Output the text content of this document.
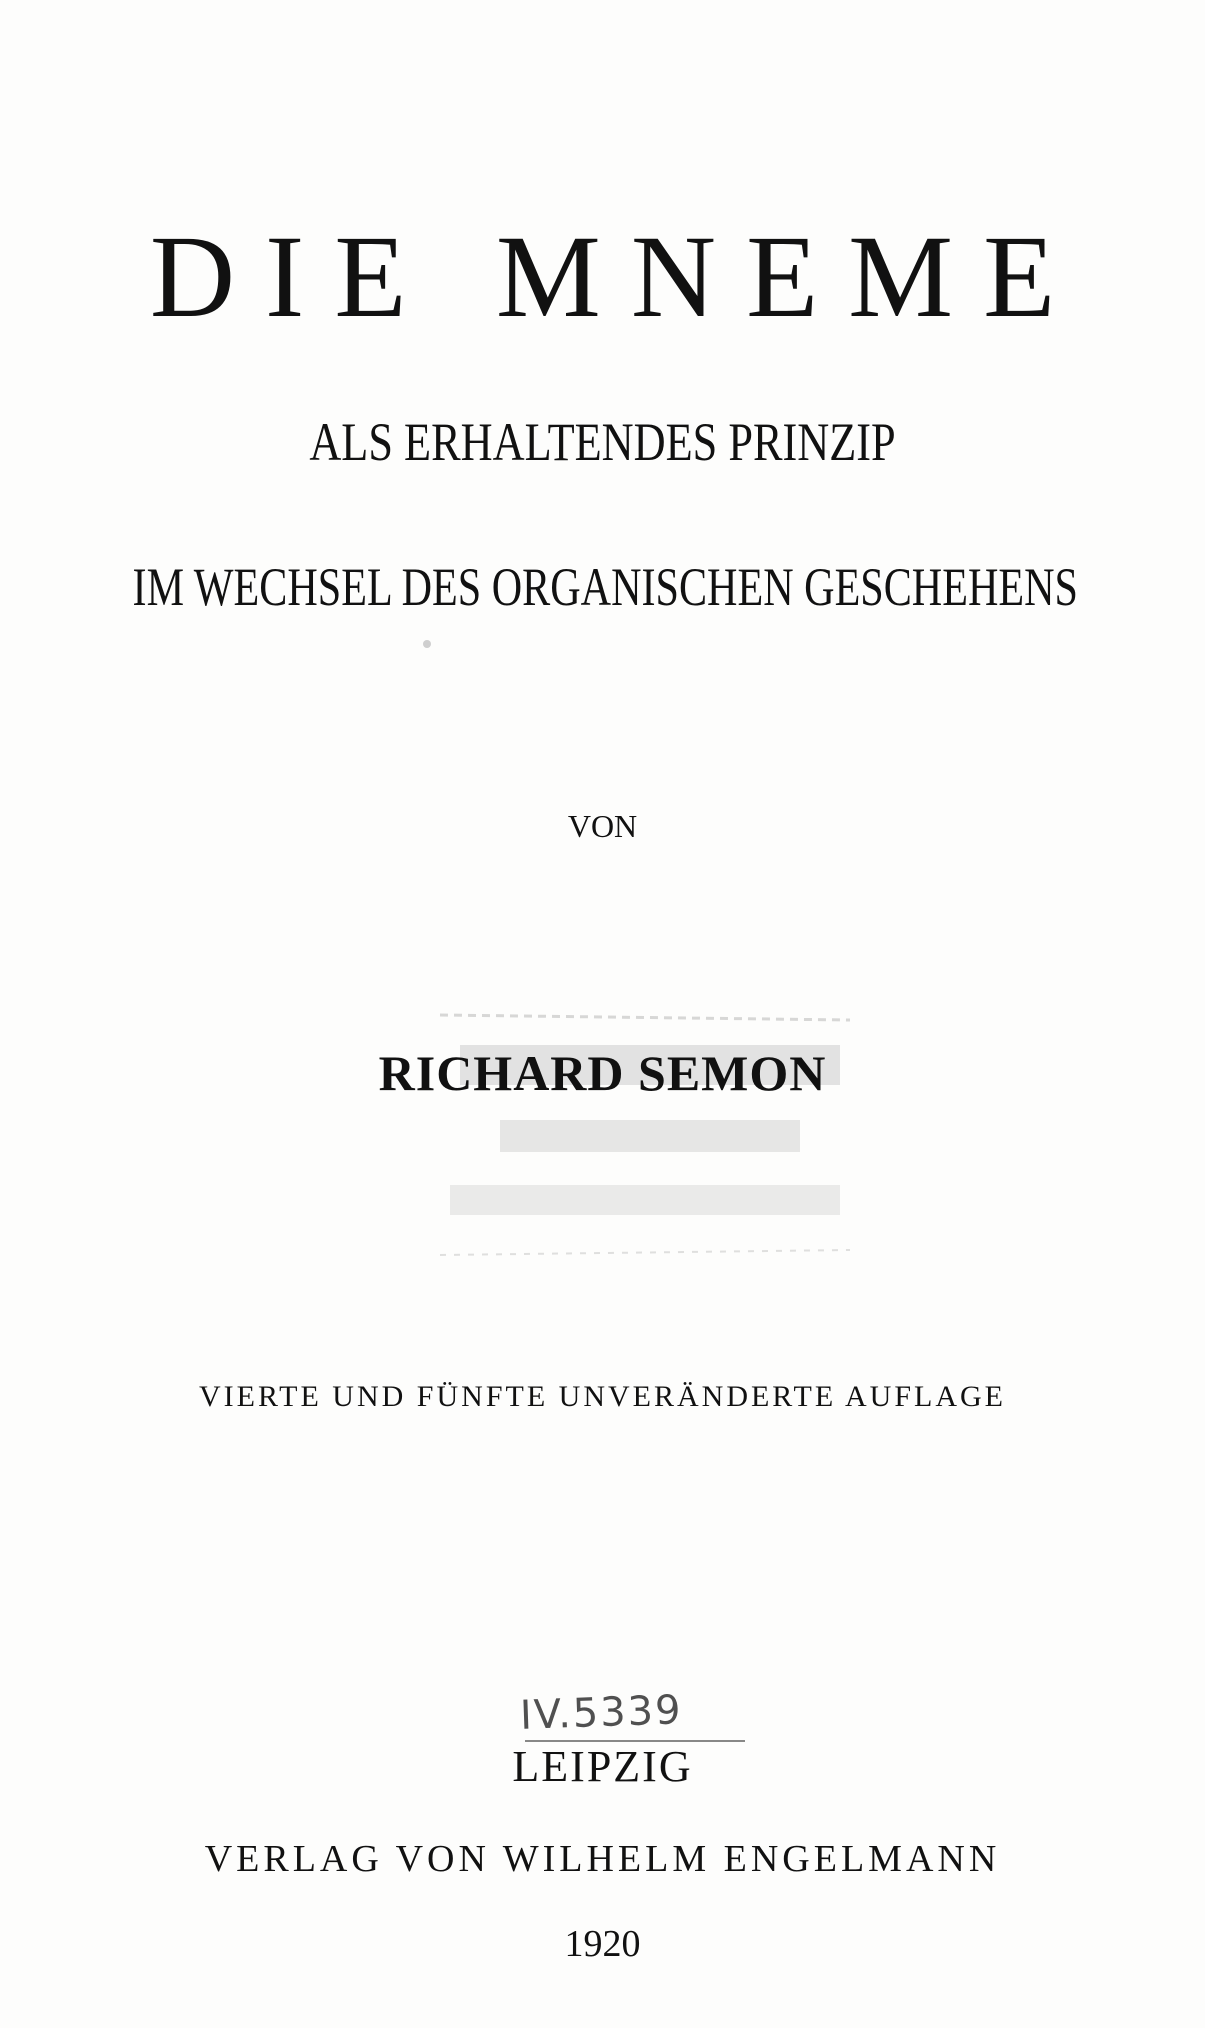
DIE MNEME
ALS ERHALTENDES PRINZIP
IM WECHSEL DES ORGANISCHEN GESCHEHENS
VON
RICHARD SEMON
VIERTE UND FÜNFTE UNVERÄNDERTE AUFLAGE
IV.5339
LEIPZIG
VERLAG VON WILHELM ENGELMANN
1920
